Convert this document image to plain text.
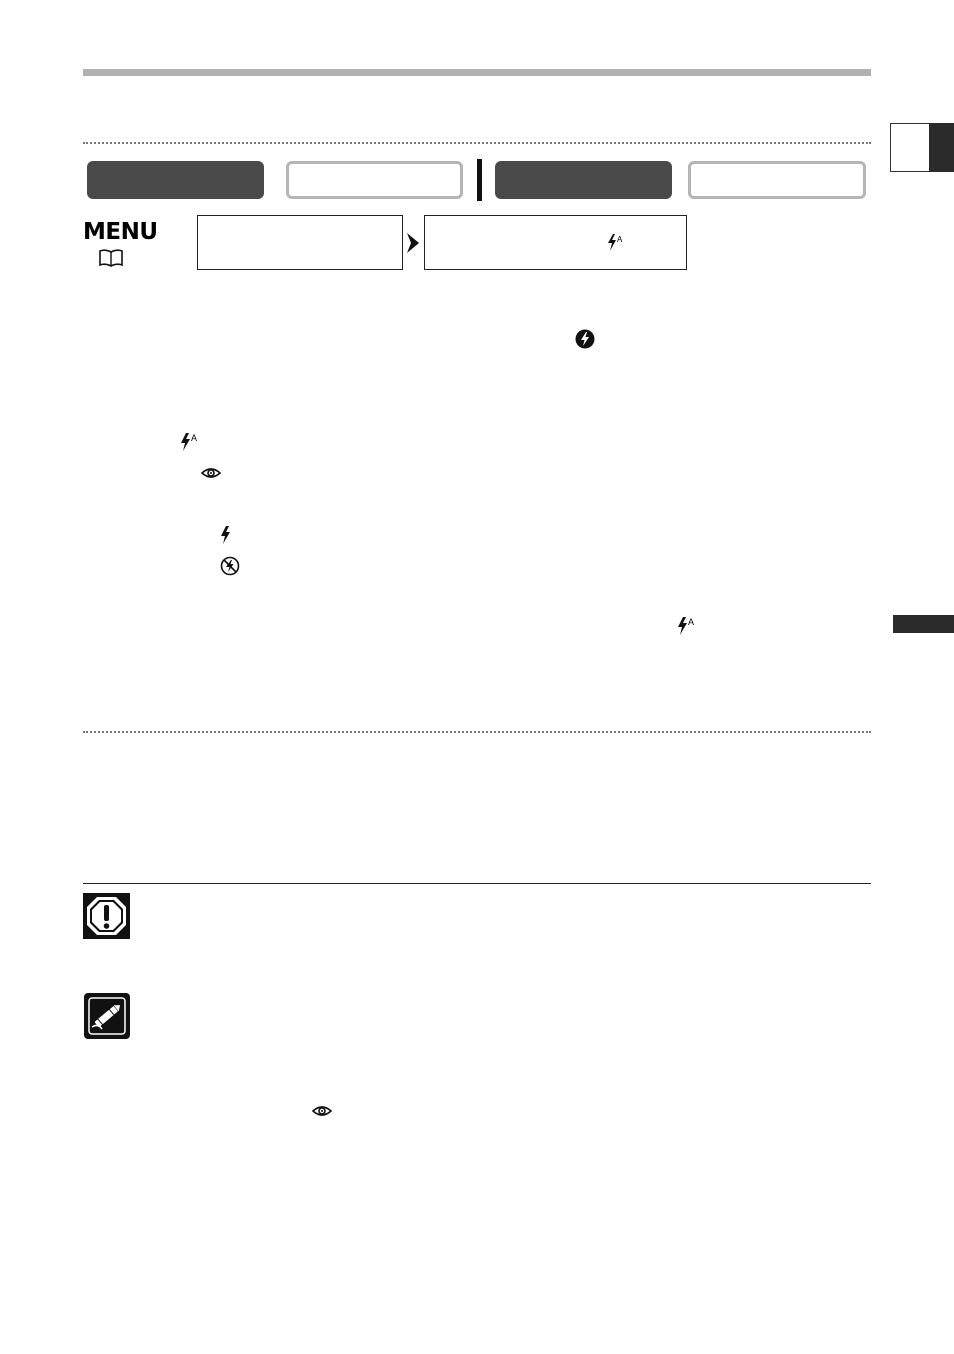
MENU	A
A
A
